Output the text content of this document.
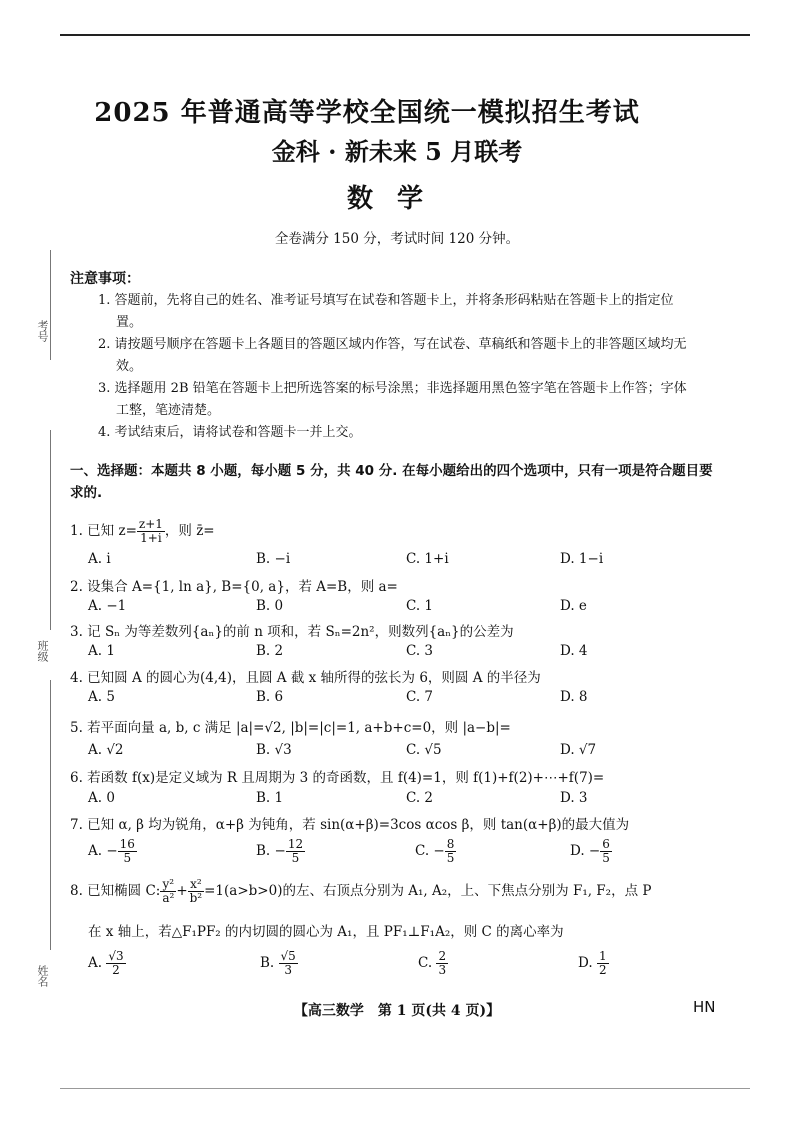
考号
班级
姓名
2025 年普通高等学校全国统一模拟招生考试
金科 · 新未来 5 月联考
数学
全卷满分 150 分，考试时间 120 分钟。
注意事项：
1. 答题前，先将自己的姓名、准考证号填写在试卷和答题卡上，并将条形码粘贴在答题卡上的指定位置。
2. 请按题号顺序在答题卡上各题目的答题区域内作答，写在试卷、草稿纸和答题卡上的非答题区域均无效。
3. 选择题用 2B 铅笔在答题卡上把所选答案的标号涂黑；非选择题用黑色签字笔在答题卡上作答；字体工整，笔迹清楚。
4. 考试结束后，请将试卷和答题卡一并上交。
一、选择题：本题共 8 小题，每小题 5 分，共 40 分. 在每小题给出的四个选项中，只有一项是符合题目要求的.
1. 已知 $z= \frac{z+1}{1+i}$ ，则 z̄=
A. i	B. −i	C. 1+i	D. 1−i
2. 设集合 A={1, ln a}, B={0, a}，若 A=B，则 a=
A. −1	B. 0	C. 1	D. e
3. 记 Sₙ 为等差数列{aₙ}的前 n 项和，若 Sₙ=2n²，则数列{aₙ}的公差为
A. 1	B. 2	C. 3	D. 4
4. 已知圆 A 的圆心为(4,4)，且圆 A 截 x 轴所得的弦长为 6，则圆 A 的半径为
A. 5	B. 6	C. 7	D. 8
5. 若平面向量 a, b, c 满足 |a|=√2, |b|=|c|=1, a+b+c=0，则 |a−b|=
A. √2	B. √3	C. √5	D. √7
6. 若函数 f(x)是定义域为 R 且周期为 3 的奇函数，且 f(4)=1，则 f(1)+f(2)+⋯+f(7)=
A. 0	B. 1	C. 2	D. 3
7. 已知 α, β 均为锐角，α+β 为钝角，若 sin(α+β)=3cos αcos β，则 tan(α+β)的最大值为
A. − $\frac{16}{5}$	B. − $\frac{12}{5}$	C. − $\frac{8}{5}$	D. − $\frac{6}{5}$
8. 已知椭圆 C: $\frac{\text{y²}}{\text{a²}} + \frac{\text{x²}}{\text{b²}} =1(a>b>0)$的左、右顶点分别为 A₁, A₂，上、下焦点分别为 F₁, F₂，点 P
在 x 轴上，若△F₁PF₂ 的内切圆的圆心为 A₁，且 PF₁⊥F₁A₂，则 C 的离心率为
A. $\frac{√3}{2}$	B. $\frac{√5}{3}$	C. $\frac{2}{3}$	D. $\frac{1}{2}$
【高三数学　第 1 页(共 4 页)】	HN
